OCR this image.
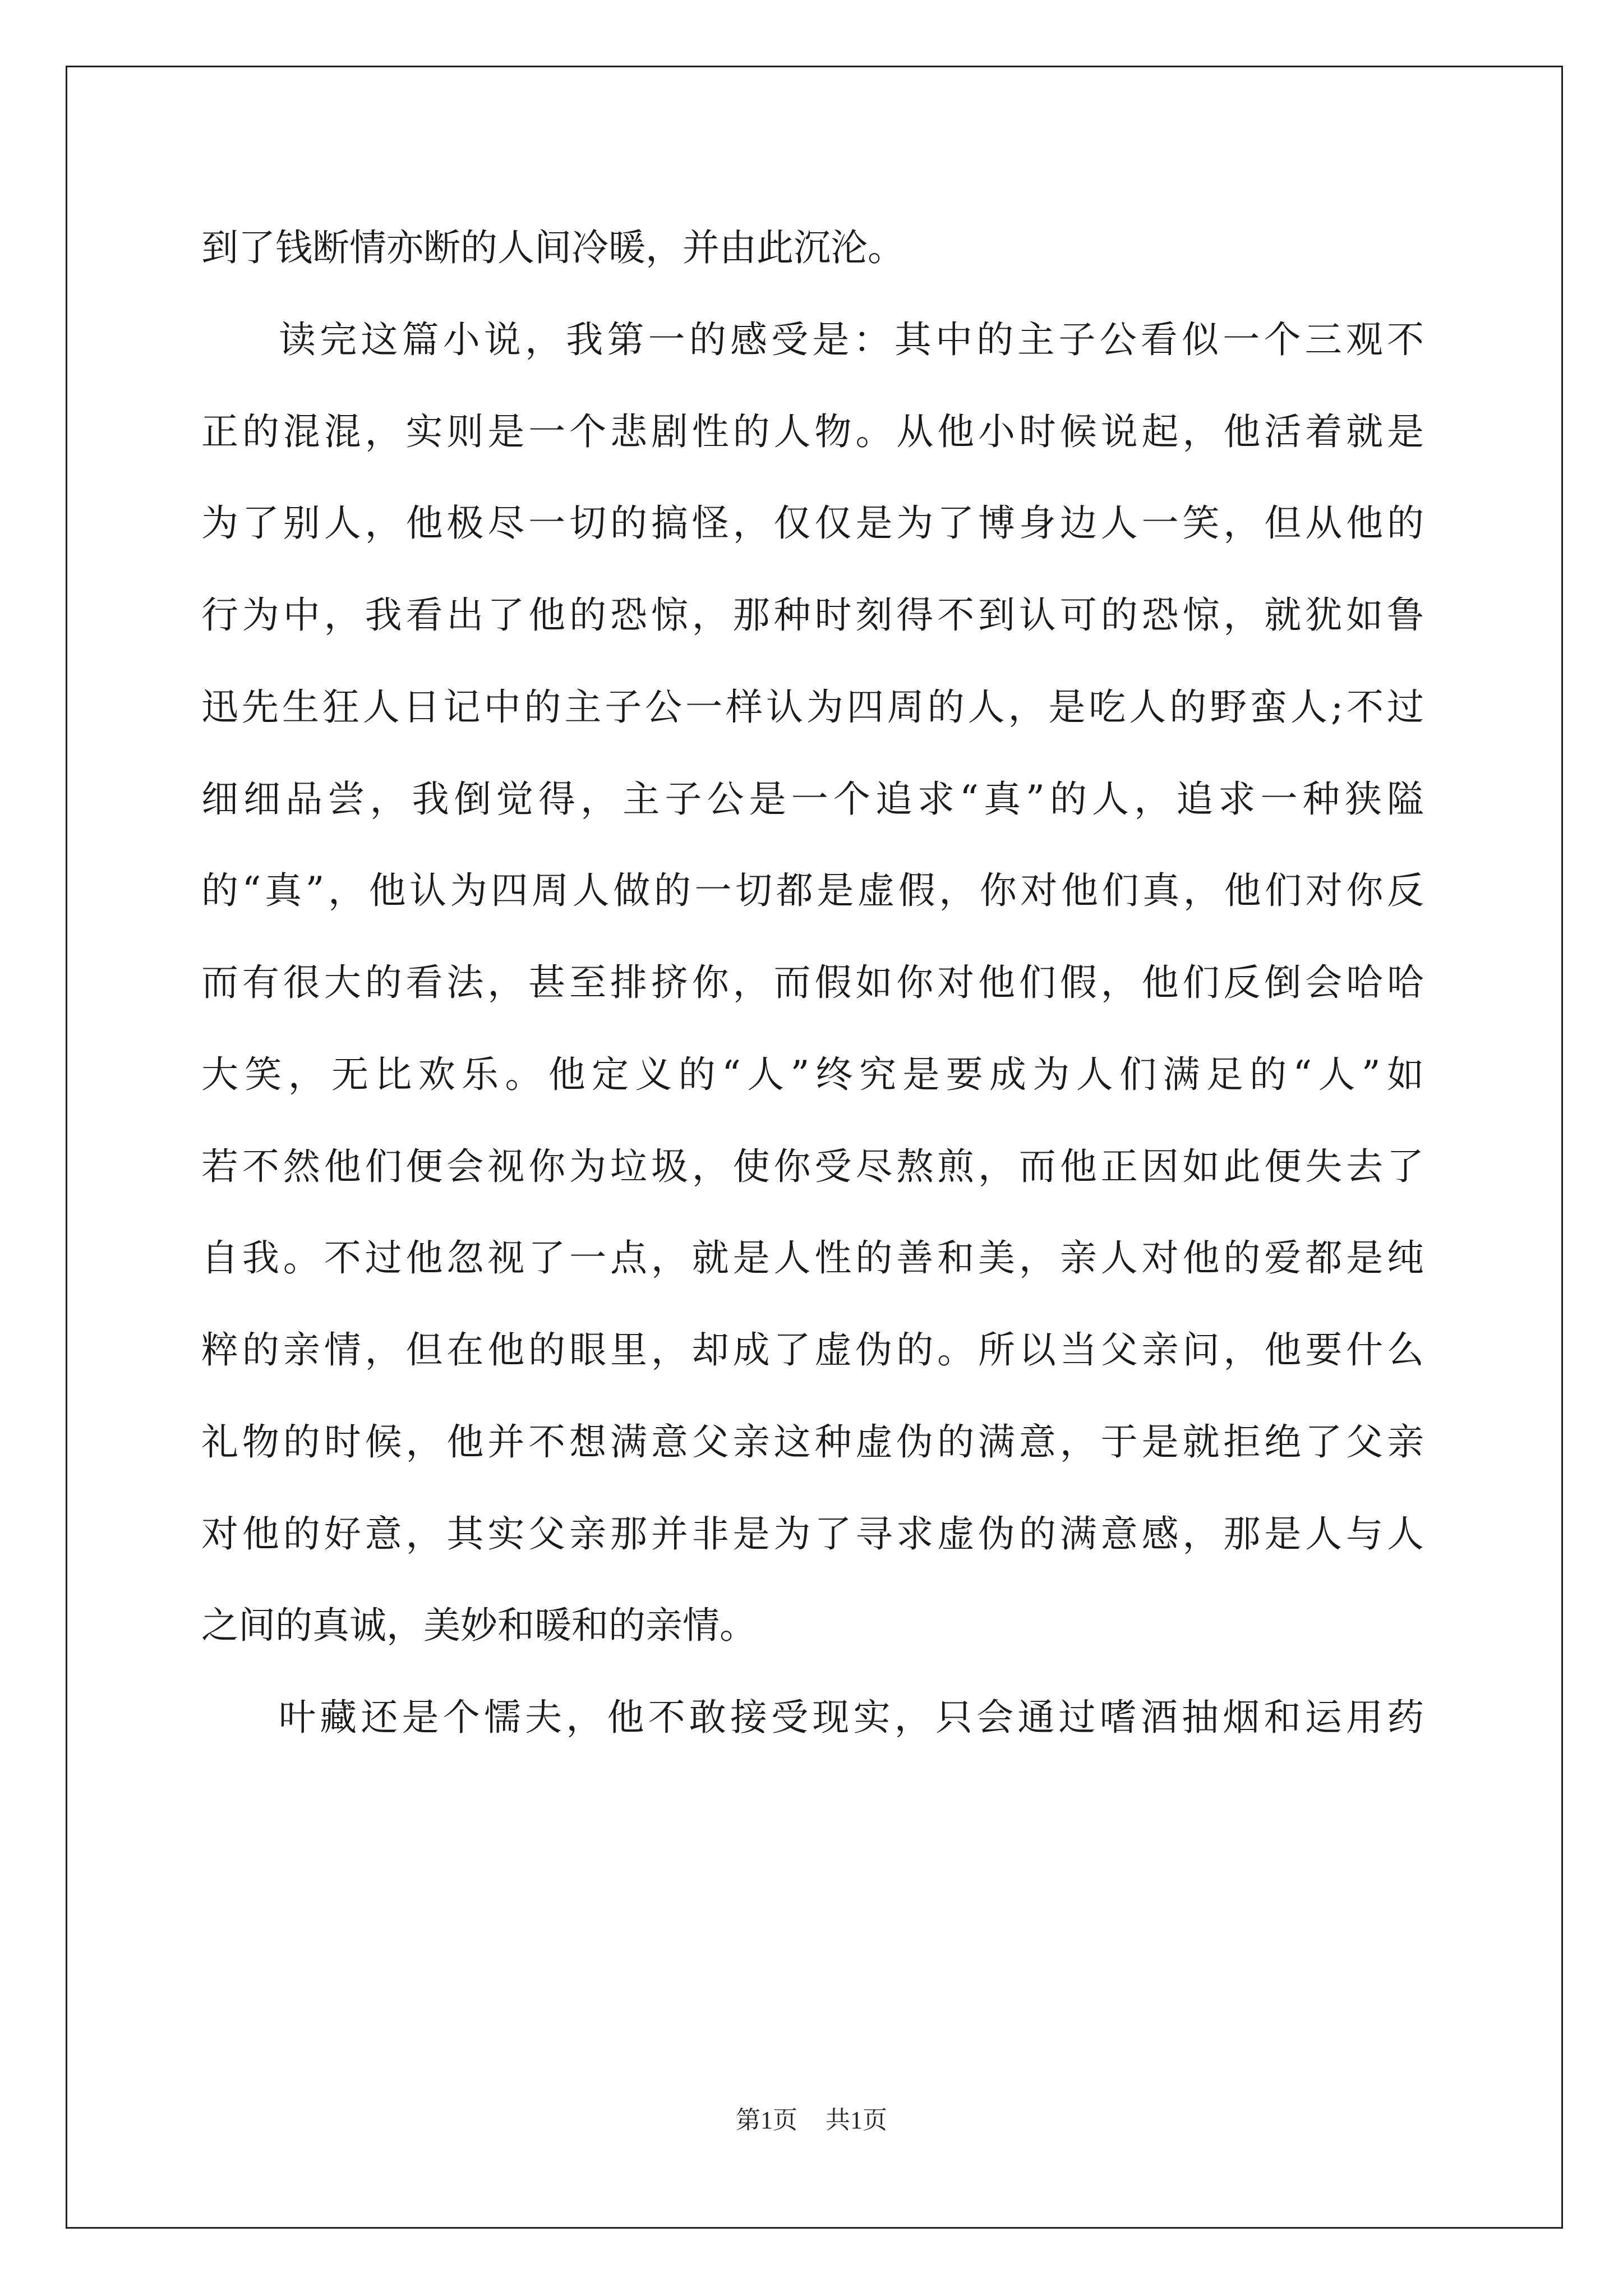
到了钱断情亦断的人间冷暖，并由此沉沦。
读完这篇小说，我第一的感受是：其中的主子公看似一个三观不
正的混混，实则是一个悲剧性的人物。从他小时候说起，他活着就是
为了别人，他极尽一切的搞怪，仅仅是为了博身边人一笑，但从他的
行为中，我看出了他的恐惊，那种时刻得不到认可的恐惊，就犹如鲁
迅先生狂人日记中的主子公一样认为四周的人，是吃人的野蛮人;不过
细细品尝，我倒觉得，主子公是一个追求“真”的人，追求一种狭隘
的“真”，他认为四周人做的一切都是虚假，你对他们真，他们对你反
而有很大的看法，甚至排挤你，而假如你对他们假，他们反倒会哈哈
大笑，无比欢乐。他定义的“人”终究是要成为人们满足的“人”如
若不然他们便会视你为垃圾，使你受尽熬煎，而他正因如此便失去了
自我。不过他忽视了一点，就是人性的善和美，亲人对他的爱都是纯
粹的亲情，但在他的眼里，却成了虚伪的。所以当父亲问，他要什么
礼物的时候，他并不想满意父亲这种虚伪的满意，于是就拒绝了父亲
对他的好意，其实父亲那并非是为了寻求虚伪的满意感，那是人与人
之间的真诚，美妙和暖和的亲情。
叶藏还是个懦夫，他不敢接受现实，只会通过嗜酒抽烟和运用药
第1页 共1页
